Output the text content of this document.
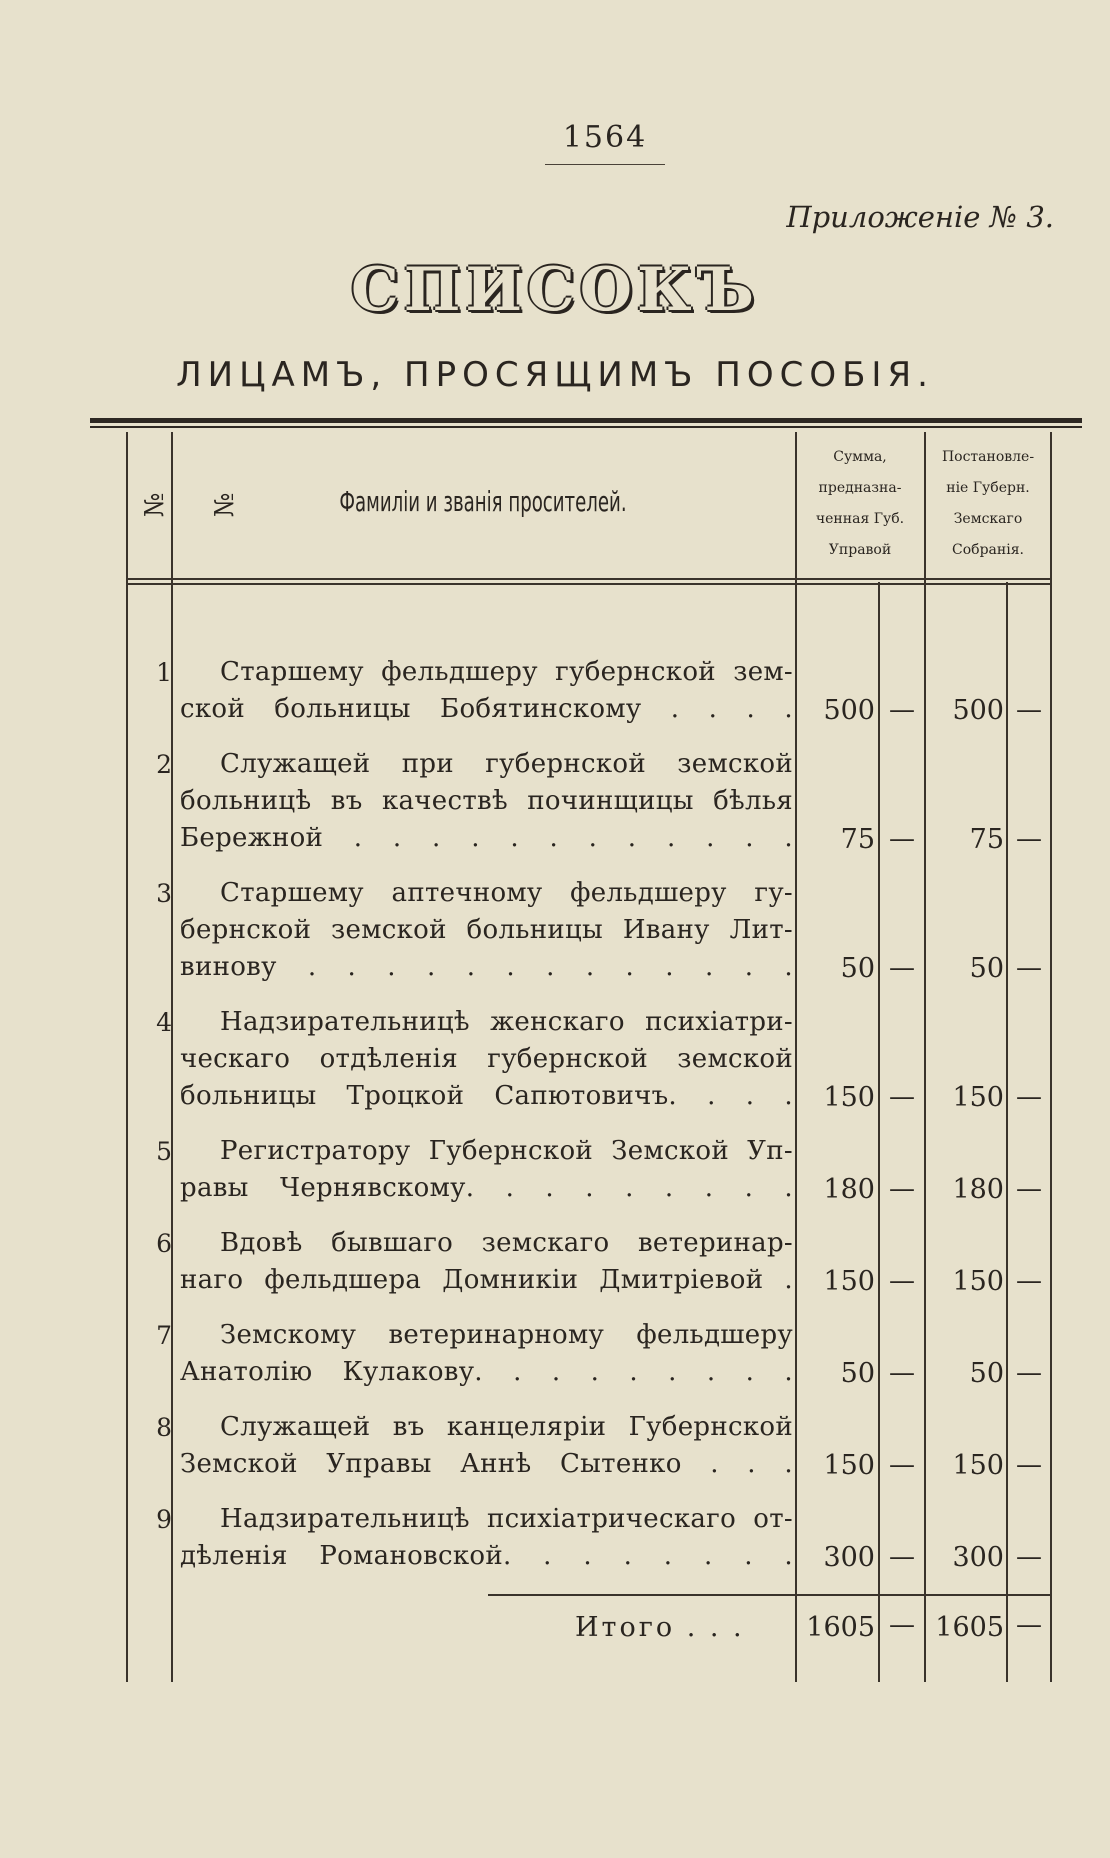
1564
Приложенiе № 3.
СПИСОКЪ
ЛИЦАМЪ, ПРОСЯЩИМЪ ПОСОБIЯ.
№ №	Фамилiи и званiя просителей.
Сумма,
предназна-
ченная Губ.
Управой
Постановле-
нiе Губерн.
Земскаго
Собранiя.
1	Старшему фельдшеру губернской зем-
ской больницы Бобятинскому . . . .	500 —	500 —
2	Служащей при губернской земской
больницѣ въ качествѣ починщицы бѣлья
Бережной . . . . . . . . . . . .	75 —	75 —
3	Старшему аптечному фельдшеру гу-
бернской земской больницы Ивану Лит-
винову . . . . . . . . . . . . .	50 —	50 —
4	Надзирательницѣ женскаго психiатри-
ческаго отдѣленiя губернской земской
больницы Троцкой Сапютовичъ. . . .	150 —	150 —
5	Регистратору Губернской Земской Уп-
равы Чернявскому. . . . . . . . .	180 —	180 —
6	Вдовѣ бывшаго земскаго ветеринар-
наго фельдшера Домникiи Дмитрiевой .	150 —	150 —
7	Земскому ветеринарному фельдшеру
Анатолiю Кулакову. . . . . . . . .	50 —	50 —
8	Служащей въ канцелярiи Губернской
Земской Управы Аннѣ Сытенко . . .	150 —	150 —
9	Надзирательницѣ психiатрическаго от-
дѣленiя Романовской. . . . . . . .	300 —	300 —
Итого . . .	1605 — 1605 —
